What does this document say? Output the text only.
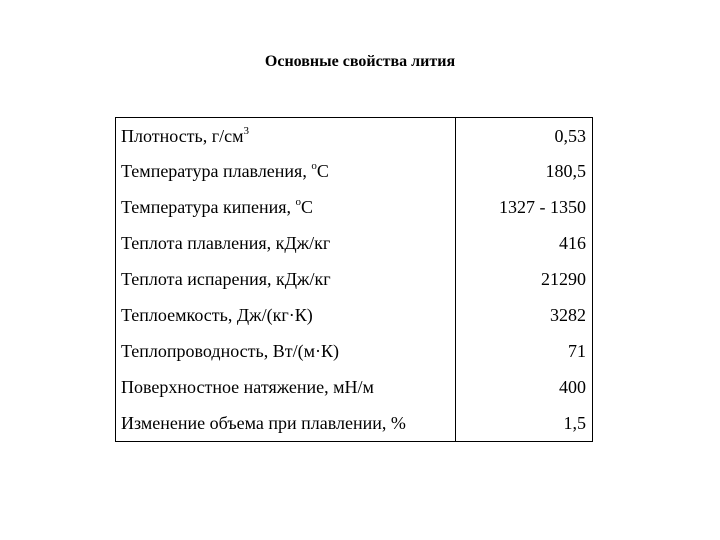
Основные свойства лития
Плотность, $г/см^3$	0,53
Температура плавления, $^o$C	180,5
Температура кипения, $^o$C	1327 - 1350
Теплота плавления, кДж/кг	416
Теплота испарения, кДж/кг	21290
Теплоемкость, Дж/(кг·К)	3282
Теплопроводность, Вт/(м·К)	71
Поверхностное натяжение, мН/м	400
Изменение объема при плавлении, %	1,5
